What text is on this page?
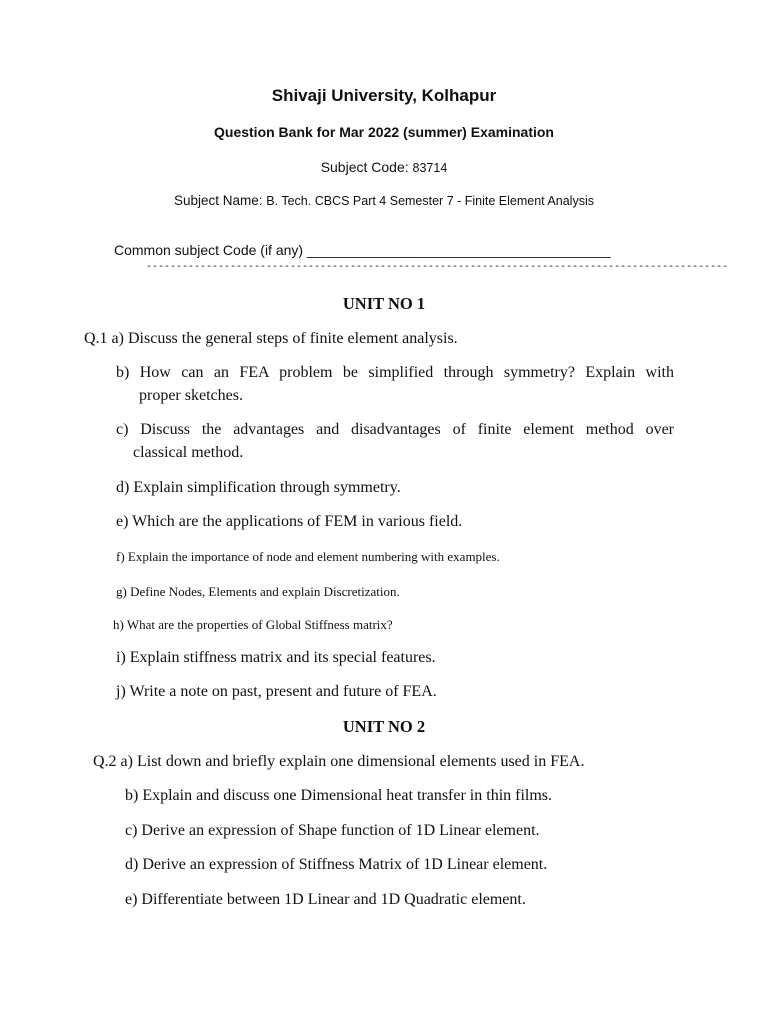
Shivaji University, Kolhapur
Question Bank for Mar 2022 (summer) Examination
Subject Code: 83714
Subject Name: B. Tech. CBCS Part 4 Semester 7 - Finite Element Analysis
Common subject Code (if any) _______________________________________
-------------------------------------------------------------------------------------------------
UNIT NO 1
Q.1 a) Discuss the general steps of finite element analysis.
b) How can an FEA problem be simplified through symmetry? Explain with
proper sketches.
c) Discuss the advantages and disadvantages of finite element method over
classical method.
d) Explain simplification through symmetry.
e) Which are the applications of FEM in various field.
f) Explain the importance of node and element numbering with examples.
g) Define Nodes, Elements and explain Discretization.
h) What are the properties of Global Stiffness matrix?
i) Explain stiffness matrix and its special features.
j) Write a note on past, present and future of FEA.
UNIT NO 2
Q.2 a) List down and briefly explain one dimensional elements used in FEA.
b) Explain and discuss one Dimensional heat transfer in thin films.
c) Derive an expression of Shape function of 1D Linear element.
d) Derive an expression of Stiffness Matrix of 1D Linear element.
e) Differentiate between 1D Linear and 1D Quadratic element.
